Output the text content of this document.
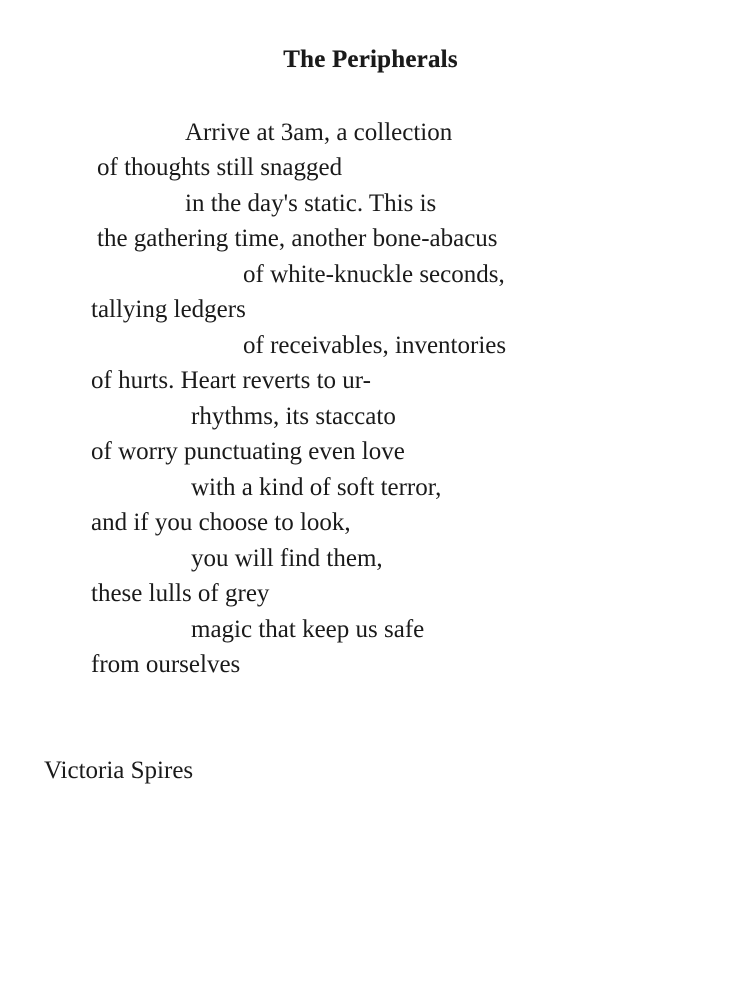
The Peripherals
Arrive at 3am, a collection
of thoughts still snagged
in the day's static. This is
the gathering time, another bone-abacus
of white-knuckle seconds,
tallying ledgers
of receivables, inventories
of hurts. Heart reverts to ur-
rhythms, its staccato
of worry punctuating even love
with a kind of soft terror,
and if you choose to look,
you will find them,
these lulls of grey
magic that keep us safe
from ourselves
Victoria Spires
